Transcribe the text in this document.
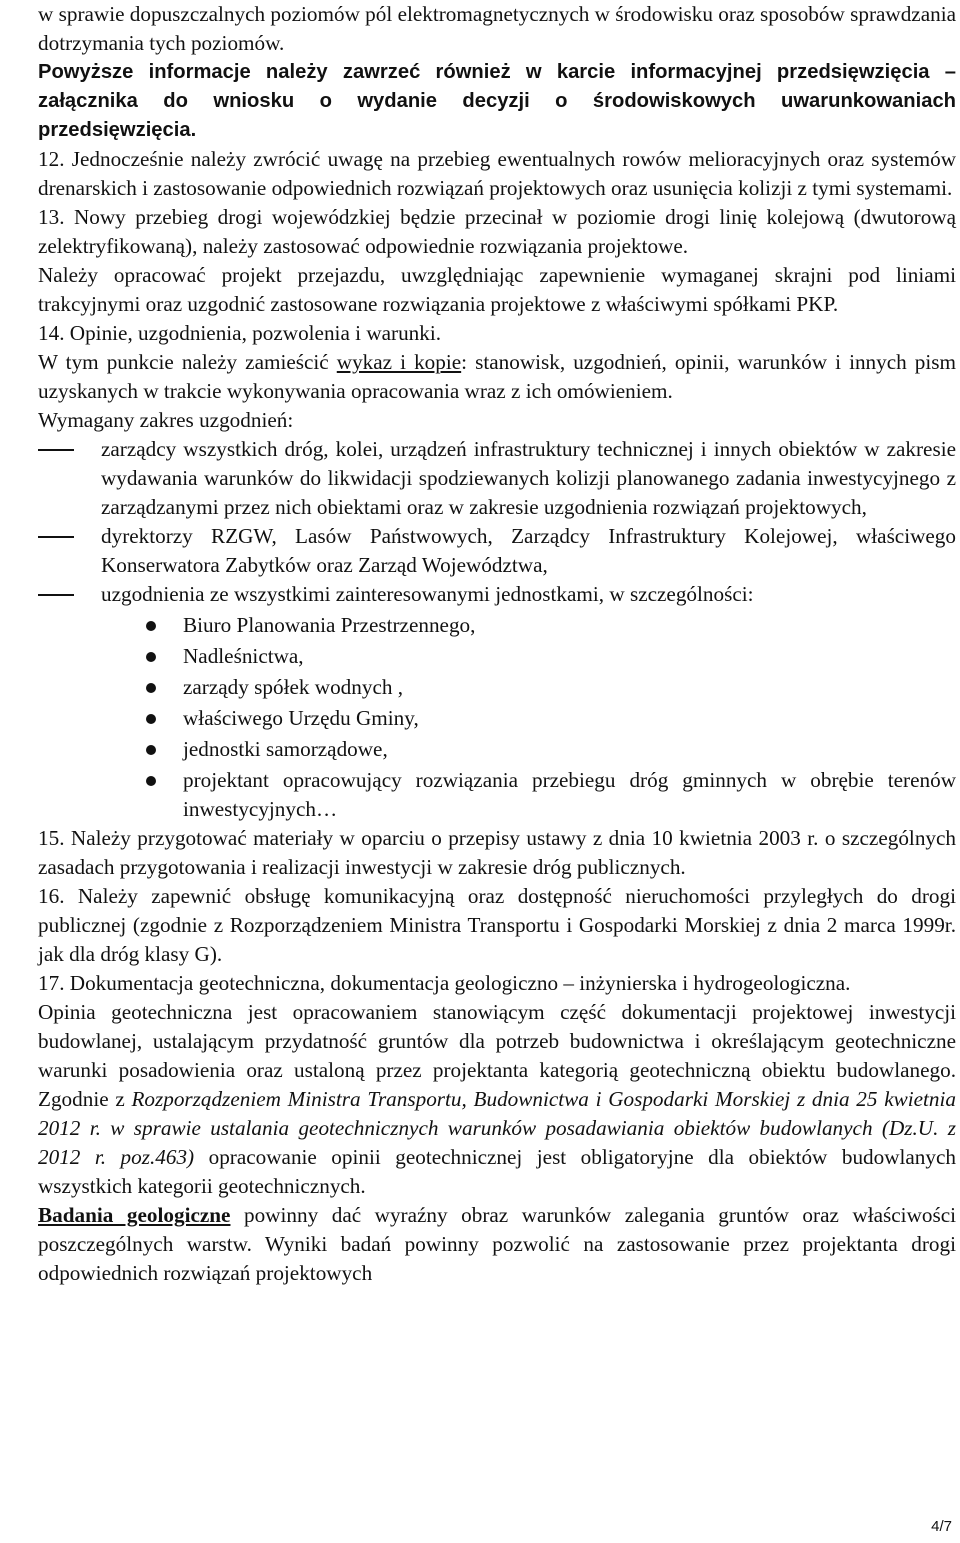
w sprawie dopuszczalnych poziomów pól elektromagnetycznych w środowisku oraz sposobów sprawdzania dotrzymania tych poziomów.

Powyższe informacje należy zawrzeć również w karcie informacyjnej przedsięwzięcia – załącznika do wniosku o wydanie decyzji o środowiskowych uwarunkowaniach przedsięwzięcia.

12. Jednocześnie należy zwrócić uwagę na przebieg ewentualnych rowów melioracyjnych oraz systemów drenarskich i zastosowanie odpowiednich rozwiązań projektowych oraz usunięcia kolizji z tymi systemami.

13. Nowy przebieg drogi wojewódzkiej będzie przecinał w poziomie drogi linię kolejową (dwutorową zelektryfikowaną), należy zastosować odpowiednie rozwiązania projektowe.

Należy opracować projekt przejazdu, uwzględniając zapewnienie wymaganej skrajni pod liniami trakcyjnymi oraz uzgodnić zastosowane rozwiązania projektowe z właściwymi spółkami PKP.

14. Opinie, uzgodnienia, pozwolenia i warunki.

W tym punkcie należy zamieścić wykaz i kopie: stanowisk, uzgodnień, opinii, warunków i innych pism uzyskanych w trakcie wykonywania opracowania wraz z ich omówieniem.

Wymagany zakres uzgodnień:

zarządcy wszystkich dróg, kolei, urządzeń infrastruktury technicznej i innych obiektów w zakresie wydawania warunków do likwidacji spodziewanych kolizji planowanego zadania inwestycyjnego z zarządzanymi przez nich obiektami oraz w zakresie uzgodnienia rozwiązań projektowych,

dyrektorzy RZGW, Lasów Państwowych, Zarządcy Infrastruktury Kolejowej, właściwego Konserwatora Zabytków oraz Zarząd Województwa,

uzgodnienia ze wszystkimi zainteresowanymi jednostkami, w szczególności:

Biuro Planowania Przestrzennego,

Nadleśnictwa,

zarządy spółek wodnych ,

właściwego Urzędu Gminy,

jednostki samorządowe,

projektant opracowujący rozwiązania przebiegu dróg gminnych w obrębie terenów inwestycyjnych…

15. Należy przygotować materiały w oparciu o przepisy ustawy z dnia 10 kwietnia 2003 r. o szczególnych zasadach przygotowania i realizacji inwestycji w zakresie dróg publicznych.

16. Należy zapewnić obsługę komunikacyjną oraz dostępność nieruchomości przyległych do drogi publicznej (zgodnie z Rozporządzeniem Ministra Transportu i Gospodarki Morskiej z dnia 2 marca 1999r. jak dla dróg klasy G).

17. Dokumentacja geotechniczna, dokumentacja geologiczno – inżynierska i hydrogeologiczna.

Opinia geotechniczna jest opracowaniem stanowiącym część dokumentacji projektowej inwestycji budowlanej, ustalającym przydatność gruntów dla potrzeb budownictwa i określającym geotechniczne warunki posadowienia oraz ustaloną przez projektanta kategorią geotechniczną obiektu budowlanego. Zgodnie z Rozporządzeniem Ministra Transportu, Budownictwa i Gospodarki Morskiej z dnia 25 kwietnia 2012 r. w sprawie ustalania geotechnicznych warunków posadawiania obiektów budowlanych (Dz.U. z 2012 r. poz.463) opracowanie opinii geotechnicznej jest obligatoryjne dla obiektów budowlanych wszystkich kategorii geotechnicznych.

Badania geologiczne powinny dać wyraźny obraz warunków zalegania gruntów oraz właściwości poszczególnych warstw. Wyniki badań powinny pozwolić na zastosowanie przez projektanta drogi odpowiednich rozwiązań projektowych

4/7
